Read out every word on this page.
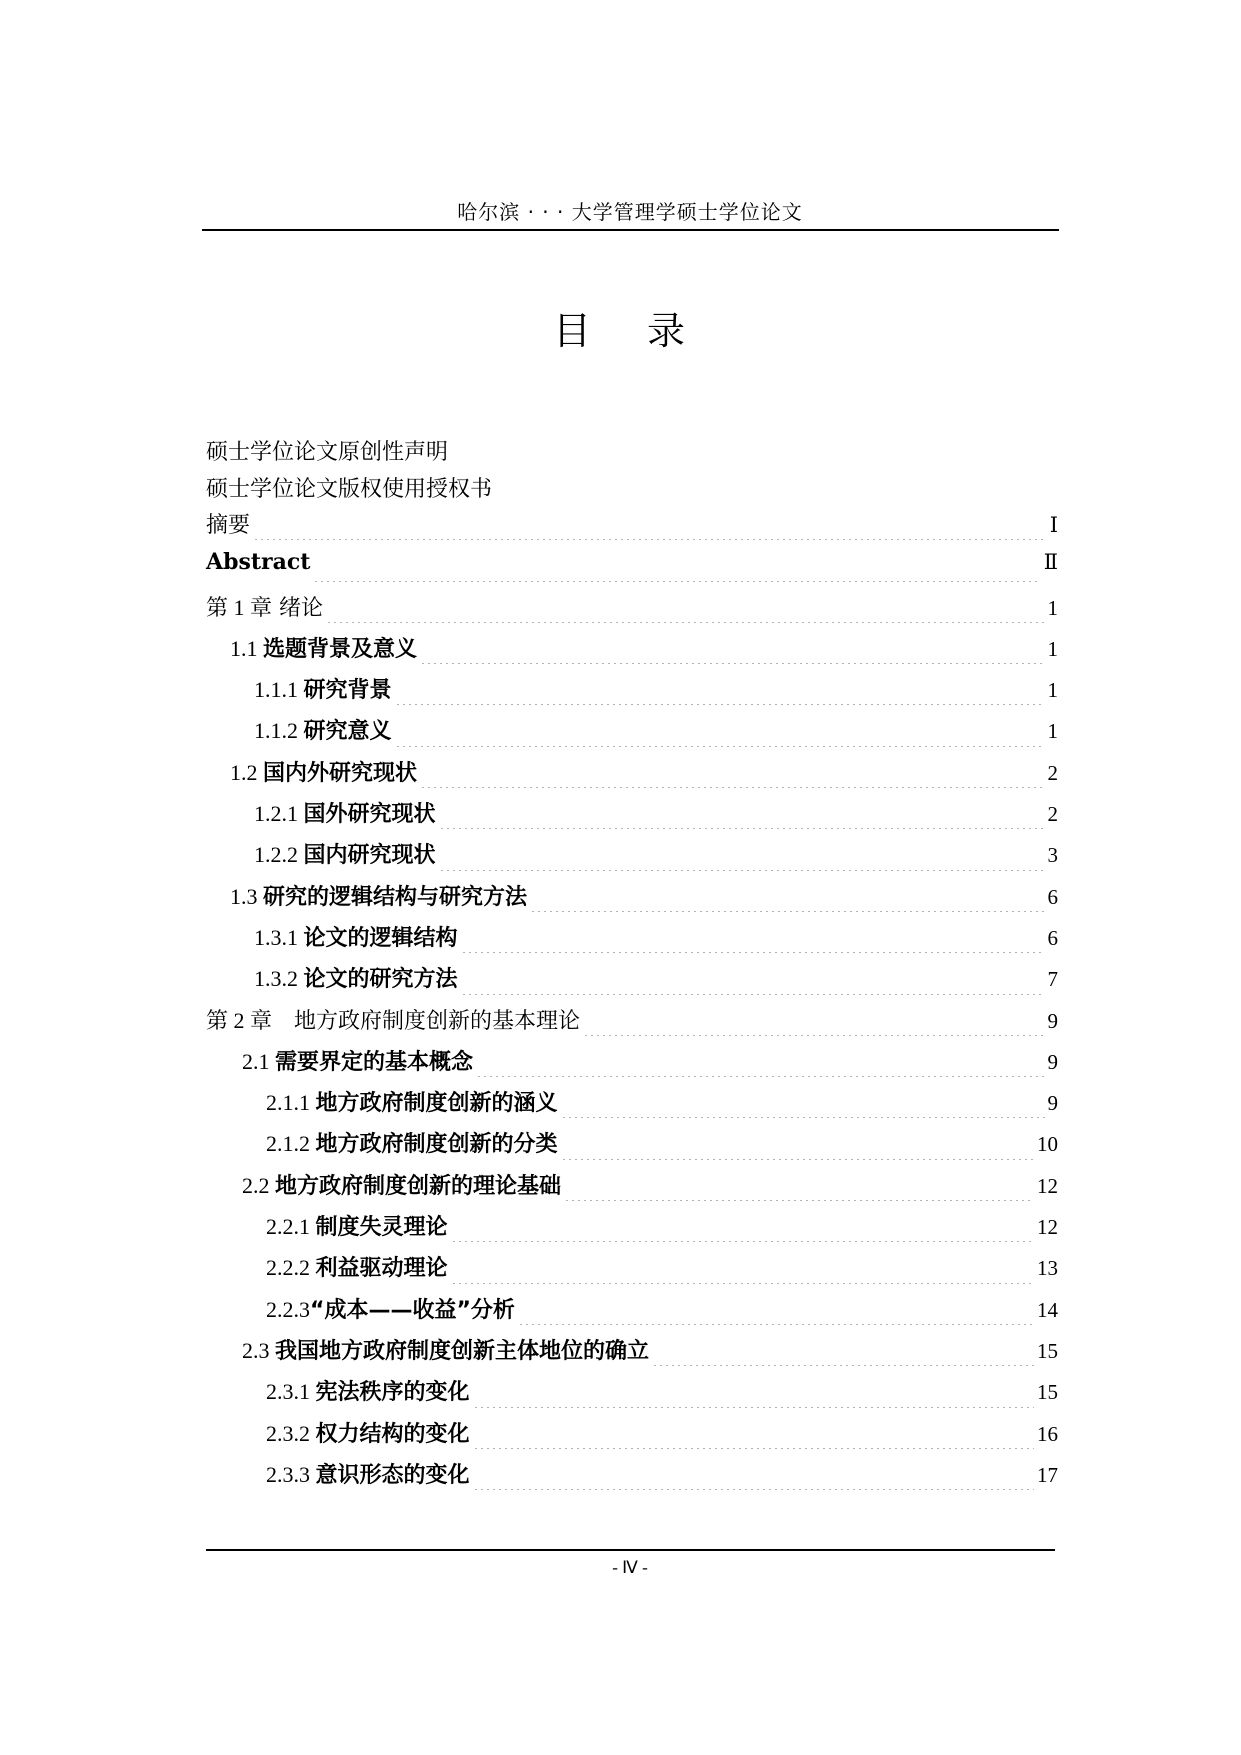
哈尔滨 · · · 大学管理学硕士学位论文
目 录
硕士学位论文原创性声明
硕士学位论文版权使用授权书
摘要	Ⅰ
Abstract	Ⅱ
第 1 章 绪论	1
1.1 选题背景及意义	1
1.1.1 研究背景	1
1.1.2 研究意义	1
1.2 国内外研究现状	2
1.2.1 国外研究现状	2
1.2.2 国内研究现状	3
1.3 研究的逻辑结构与研究方法	6
1.3.1 论文的逻辑结构	6
1.3.2 论文的研究方法	7
第 2 章　地方政府制度创新的基本理论	9
2.1 需要界定的基本概念	9
2.1.1 地方政府制度创新的涵义	9
2.1.2 地方政府制度创新的分类	10
2.2 地方政府制度创新的理论基础	12
2.2.1 制度失灵理论	12
2.2.2 利益驱动理论	13
2.2.3“成本——收益”分析	14
2.3 我国地方政府制度创新主体地位的确立	15
2.3.1 宪法秩序的变化	15
2.3.2 权力结构的变化	16
2.3.3 意识形态的变化	17
- Ⅳ -
